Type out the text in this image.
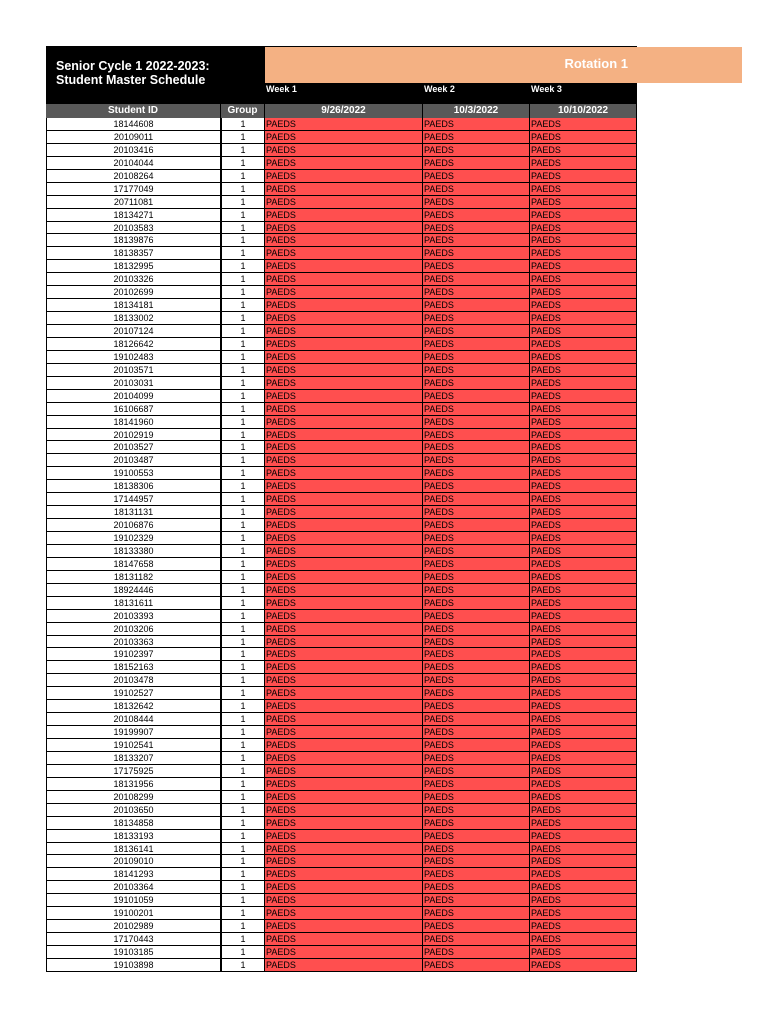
Senior Cycle 1 2022-2023:
Student Master Schedule
Rotation 1
Week 1	Week 2	Week 3
Student ID	Group	9/26/2022	10/3/2022	10/10/2022
18144608	1	PAEDS	PAEDS	PAEDS
20109011	1	PAEDS	PAEDS	PAEDS
20103416	1	PAEDS	PAEDS	PAEDS
20104044	1	PAEDS	PAEDS	PAEDS
20108264	1	PAEDS	PAEDS	PAEDS
17177049	1	PAEDS	PAEDS	PAEDS
20711081	1	PAEDS	PAEDS	PAEDS
18134271	1	PAEDS	PAEDS	PAEDS
20103583	1	PAEDS	PAEDS	PAEDS
18139876	1	PAEDS	PAEDS	PAEDS
18138357	1	PAEDS	PAEDS	PAEDS
18132995	1	PAEDS	PAEDS	PAEDS
20103326	1	PAEDS	PAEDS	PAEDS
20102699	1	PAEDS	PAEDS	PAEDS
18134181	1	PAEDS	PAEDS	PAEDS
18133002	1	PAEDS	PAEDS	PAEDS
20107124	1	PAEDS	PAEDS	PAEDS
18126642	1	PAEDS	PAEDS	PAEDS
19102483	1	PAEDS	PAEDS	PAEDS
20103571	1	PAEDS	PAEDS	PAEDS
20103031	1	PAEDS	PAEDS	PAEDS
20104099	1	PAEDS	PAEDS	PAEDS
16106687	1	PAEDS	PAEDS	PAEDS
18141960	1	PAEDS	PAEDS	PAEDS
20102919	1	PAEDS	PAEDS	PAEDS
20103527	1	PAEDS	PAEDS	PAEDS
20103487	1	PAEDS	PAEDS	PAEDS
19100553	1	PAEDS	PAEDS	PAEDS
18138306	1	PAEDS	PAEDS	PAEDS
17144957	1	PAEDS	PAEDS	PAEDS
18131131	1	PAEDS	PAEDS	PAEDS
20106876	1	PAEDS	PAEDS	PAEDS
19102329	1	PAEDS	PAEDS	PAEDS
18133380	1	PAEDS	PAEDS	PAEDS
18147658	1	PAEDS	PAEDS	PAEDS
18131182	1	PAEDS	PAEDS	PAEDS
18924446	1	PAEDS	PAEDS	PAEDS
18131611	1	PAEDS	PAEDS	PAEDS
20103393	1	PAEDS	PAEDS	PAEDS
20103206	1	PAEDS	PAEDS	PAEDS
20103363	1	PAEDS	PAEDS	PAEDS
19102397	1	PAEDS	PAEDS	PAEDS
18152163	1	PAEDS	PAEDS	PAEDS
20103478	1	PAEDS	PAEDS	PAEDS
19102527	1	PAEDS	PAEDS	PAEDS
18132642	1	PAEDS	PAEDS	PAEDS
20108444	1	PAEDS	PAEDS	PAEDS
19199907	1	PAEDS	PAEDS	PAEDS
19102541	1	PAEDS	PAEDS	PAEDS
18133207	1	PAEDS	PAEDS	PAEDS
17175925	1	PAEDS	PAEDS	PAEDS
18131956	1	PAEDS	PAEDS	PAEDS
20108299	1	PAEDS	PAEDS	PAEDS
20103650	1	PAEDS	PAEDS	PAEDS
18134858	1	PAEDS	PAEDS	PAEDS
18133193	1	PAEDS	PAEDS	PAEDS
18136141	1	PAEDS	PAEDS	PAEDS
20109010	1	PAEDS	PAEDS	PAEDS
18141293	1	PAEDS	PAEDS	PAEDS
20103364	1	PAEDS	PAEDS	PAEDS
19101059	1	PAEDS	PAEDS	PAEDS
19100201	1	PAEDS	PAEDS	PAEDS
20102989	1	PAEDS	PAEDS	PAEDS
17170443	1	PAEDS	PAEDS	PAEDS
19103185	1	PAEDS	PAEDS	PAEDS
19103898	1	PAEDS	PAEDS	PAEDS
